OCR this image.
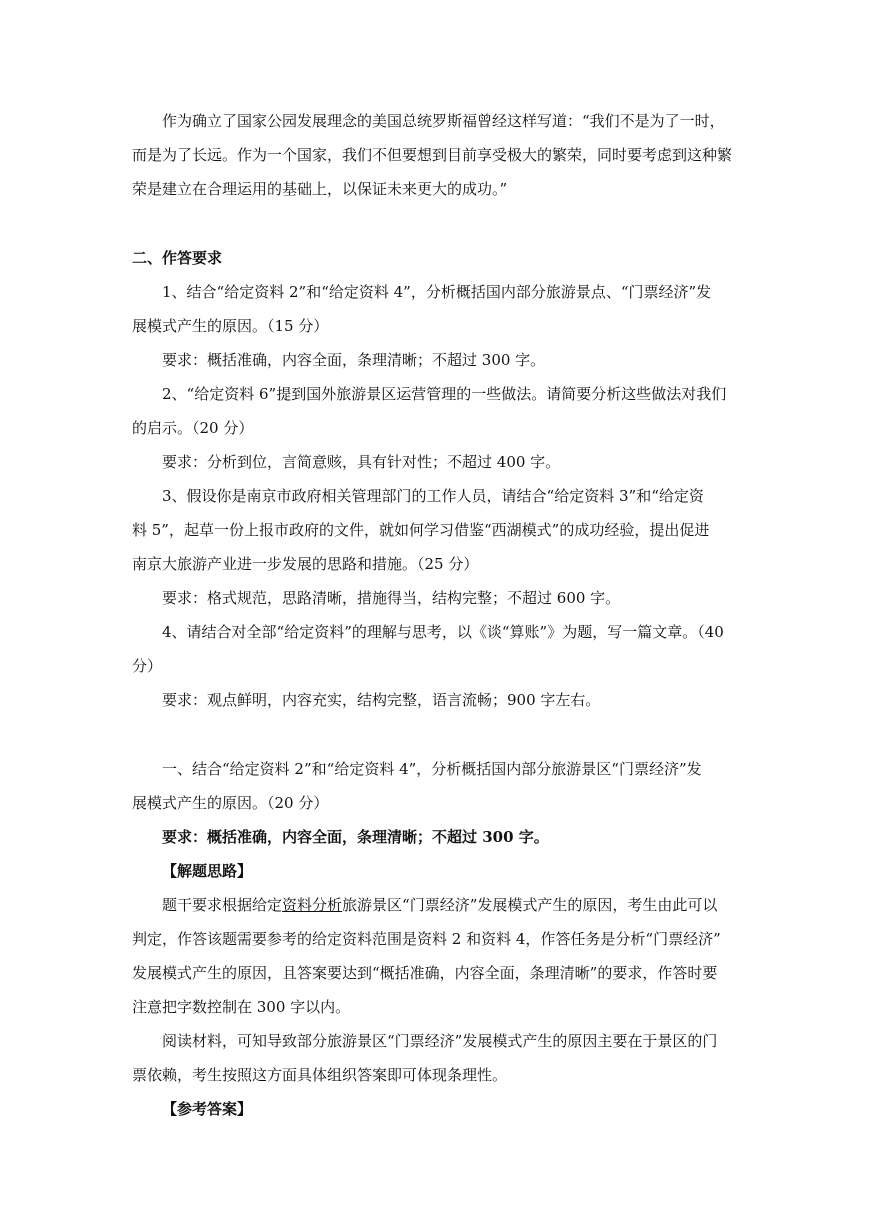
作为确立了国家公园发展理念的美国总统罗斯福曾经这样写道：“我们不是为了一时，
而是为了长远。作为一个国家，我们不但要想到目前享受极大的繁荣，同时要考虑到这种繁
荣是建立在合理运用的基础上，以保证未来更大的成功。”
二、作答要求
1、结合“给定资料 2”和“给定资料 4”，分析概括国内部分旅游景点、“门票经济”发
展模式产生的原因。（15 分）
要求：概括准确，内容全面，条理清晰；不超过 300 字。
2、“给定资料 6”提到国外旅游景区运营管理的一些做法。请简要分析这些做法对我们
的启示。（20 分）
要求：分析到位，言简意赅，具有针对性；不超过 400 字。
3、假设你是南京市政府相关管理部门的工作人员，请结合“给定资料 3”和“给定资
料 5”，起草一份上报市政府的文件，就如何学习借鉴“西湖模式”的成功经验，提出促进
南京大旅游产业进一步发展的思路和措施。（25 分）
要求：格式规范，思路清晰，措施得当，结构完整；不超过 600 字。
4、请结合对全部“给定资料”的理解与思考，以《谈“算账”》为题，写一篇文章。（40
分）
要求：观点鲜明，内容充实，结构完整，语言流畅；900 字左右。
一、结合“给定资料 2”和“给定资料 4”，分析概括国内部分旅游景区“门票经济”发
展模式产生的原因。（20 分）
要求：概括准确，内容全面，条理清晰；不超过 300 字。
【解题思路】
题干要求根据给定资料分析旅游景区“门票经济”发展模式产生的原因，考生由此可以
判定，作答该题需要参考的给定资料范围是资料 2 和资料 4，作答任务是分析“门票经济”
发展模式产生的原因，且答案要达到“概括准确，内容全面，条理清晰”的要求，作答时要
注意把字数控制在 300 字以内。
阅读材料，可知导致部分旅游景区“门票经济”发展模式产生的原因主要在于景区的门
票依赖，考生按照这方面具体组织答案即可体现条理性。
【参考答案】
